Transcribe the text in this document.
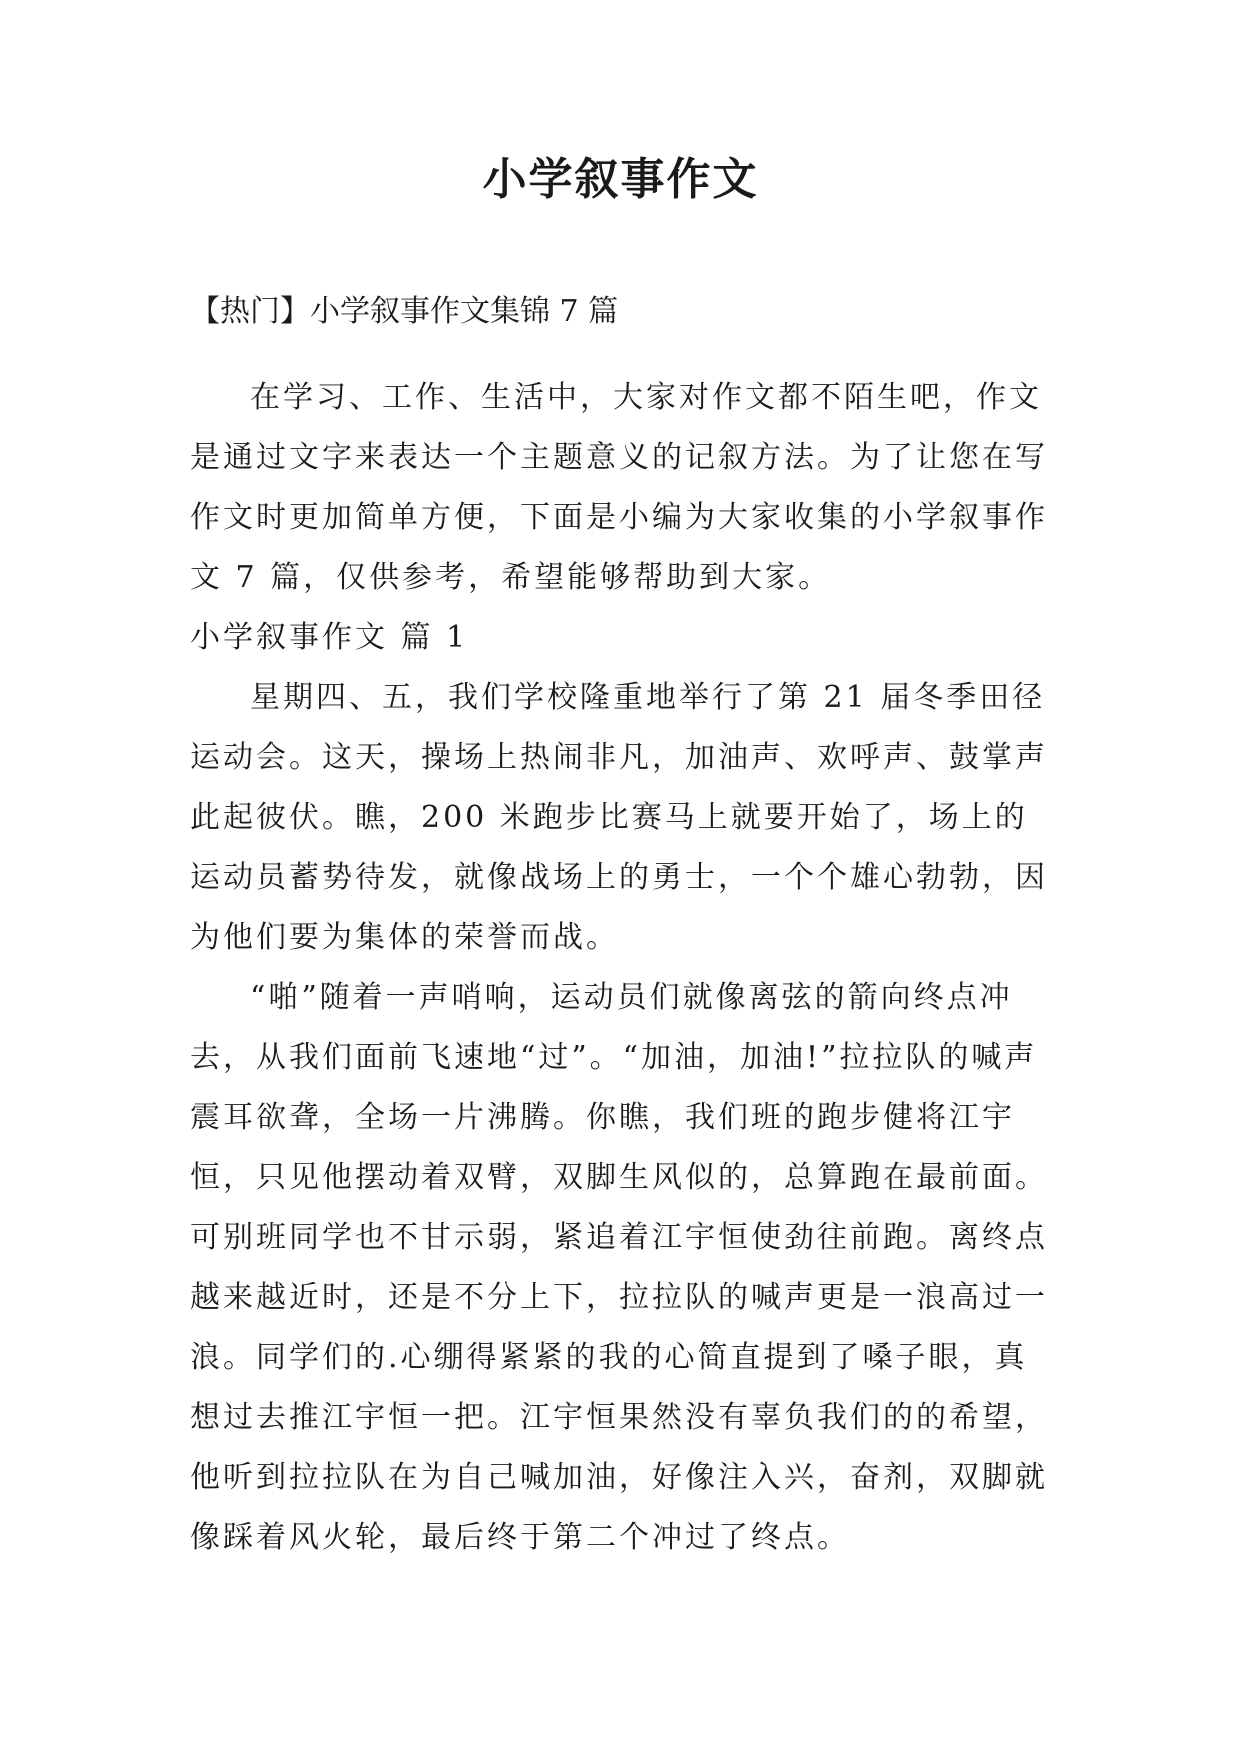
小学叙事作文
【热门】小学叙事作文集锦 7 篇

在学习、工作、生活中，大家对作文都不陌生吧，作文是通过文字来表达一个主题意义的记叙方法。为了让您在写作文时更加简单方便，下面是小编为大家收集的小学叙事作文 7 篇，仅供参考，希望能够帮助到大家。

小学叙事作文 篇 1

星期四、五，我们学校隆重地举行了第 21 届冬季田径运动会。这天，操场上热闹非凡，加油声、欢呼声、鼓掌声此起彼伏。瞧，200 米跑步比赛马上就要开始了，场上的运动员蓄势待发，就像战场上的勇士，一个个雄心勃勃，因为他们要为集体的荣誉而战。

“啪”随着一声哨响，运动员们就像离弦的箭向终点冲去，从我们面前飞速地“过”。“加油，加油!”拉拉队的喊声震耳欲聋，全场一片沸腾。你瞧，我们班的跑步健将江宇恒，只见他摆动着双臂，双脚生风似的，总算跑在最前面。可别班同学也不甘示弱，紧追着江宇恒使劲往前跑。离终点越来越近时，还是不分上下，拉拉队的喊声更是一浪高过一浪。同学们的.心绷得紧紧的我的心简直提到了嗓子眼，真想过去推江宇恒一把。江宇恒果然没有辜负我们的的希望，他听到拉拉队在为自己喊加油，好像注入兴，奋剂，双脚就像踩着风火轮，最后终于第二个冲过了终点。
